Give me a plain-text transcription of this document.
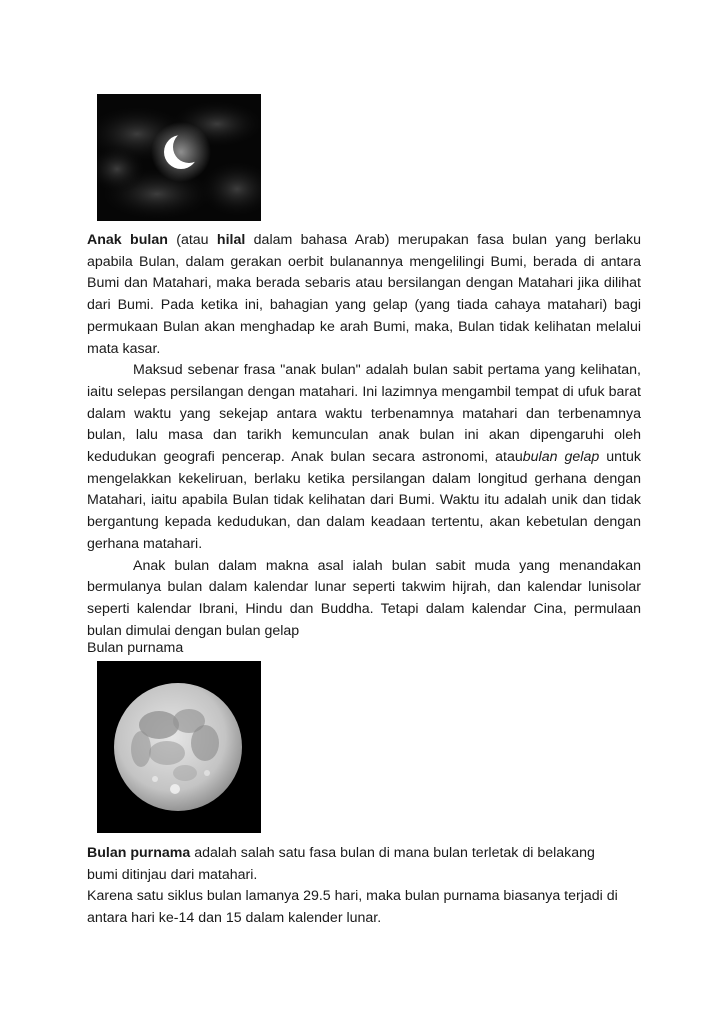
Anak bulan (atau hilal dalam bahasa Arab) merupakan fasa bulan yang berlaku apabila Bulan, dalam gerakan oerbit bulanannya mengelilingi Bumi, berada di antara Bumi dan Matahari, maka berada sebaris atau bersilangan dengan Matahari jika dilihat dari Bumi. Pada ketika ini, bahagian yang gelap (yang tiada cahaya matahari) bagi permukaan Bulan akan menghadap ke arah Bumi, maka, Bulan tidak kelihatan melalui mata kasar.

Maksud sebenar frasa "anak bulan" adalah bulan sabit pertama yang kelihatan, iaitu selepas persilangan dengan matahari. Ini lazimnya mengambil tempat di ufuk barat dalam waktu yang sekejap antara waktu terbenamnya matahari dan terbenamnya bulan, lalu masa dan tarikh kemunculan anak bulan ini akan dipengaruhi oleh kedudukan geografi pencerap. Anak bulan secara astronomi, ataubulan gelap untuk mengelakkan kekeliruan, berlaku ketika persilangan dalam longitud gerhana dengan Matahari, iaitu apabila Bulan tidak kelihatan dari Bumi. Waktu itu adalah unik dan tidak bergantung kepada kedudukan, dan dalam keadaan tertentu, akan kebetulan dengan gerhana matahari.

Anak bulan dalam makna asal ialah bulan sabit muda yang menandakan bermulanya bulan dalam kalendar lunar seperti takwim hijrah, dan kalendar lunisolar seperti kalendar Ibrani, Hindu dan Buddha. Tetapi dalam kalendar Cina, permulaan bulan dimulai dengan bulan gelap

Bulan purnama

Bulan purnama adalah salah satu fasa bulan di mana bulan terletak di belakang bumi ditinjau dari matahari.

Karena satu siklus bulan lamanya 29.5 hari, maka bulan purnama biasanya terjadi di antara hari ke-14 dan 15 dalam kalender lunar.
